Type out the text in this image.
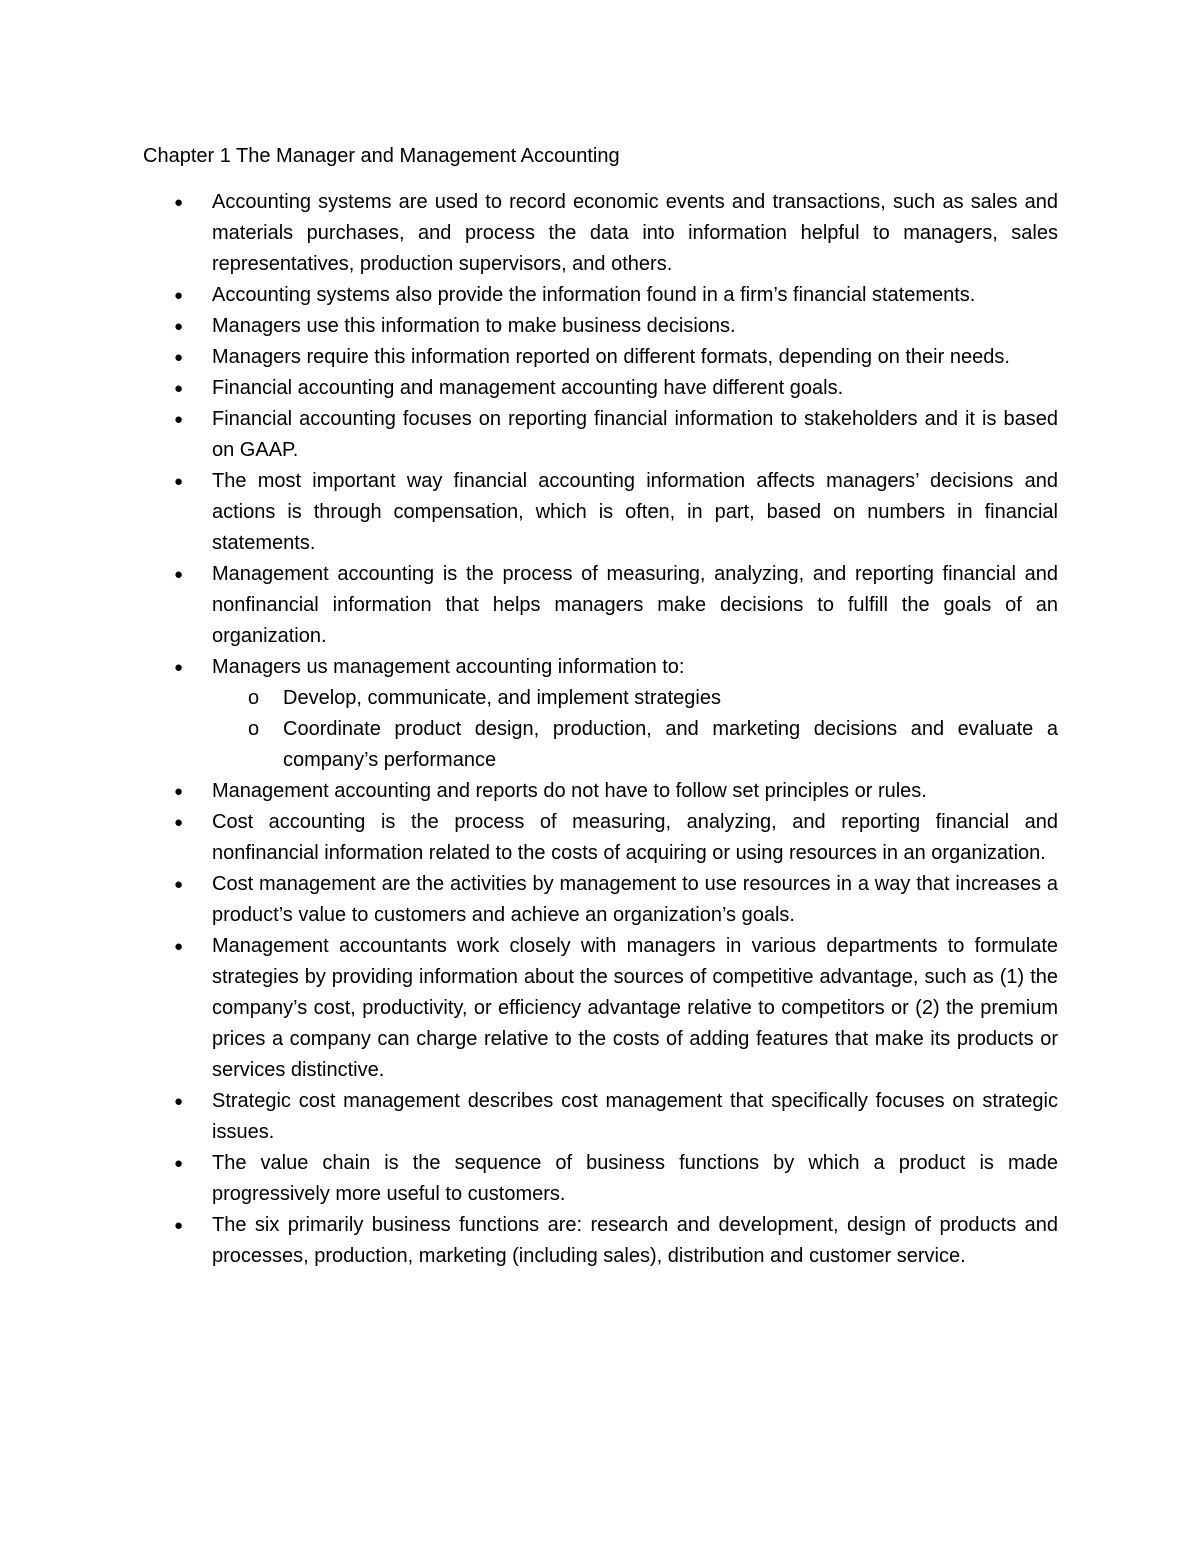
Chapter 1 The Manager and Management Accounting
●	Accounting systems are used to record economic events and transactions, such as sales and materials purchases, and process the data into information helpful to managers, sales representatives, production supervisors, and others.
●	Accounting systems also provide the information found in a firm’s financial statements.
●	Managers use this information to make business decisions.
●	Managers require this information reported on different formats, depending on their needs.
●	Financial accounting and management accounting have different goals.
●	Financial accounting focuses on reporting financial information to stakeholders and it is based on GAAP.
●	The most important way financial accounting information affects managers’ decisions and actions is through compensation, which is often, in part, based on numbers in financial statements.
●	Management accounting is the process of measuring, analyzing, and reporting financial and nonfinancial information that helps managers make decisions to fulfill the goals of an organization.
●	Managers us management accounting information to:
o	Develop, communicate, and implement strategies
o	Coordinate product design, production, and marketing decisions and evaluate a company’s performance
●	Management accounting and reports do not have to follow set principles or rules.
●	Cost accounting is the process of measuring, analyzing, and reporting financial and nonfinancial information related to the costs of acquiring or using resources in an organization.
●	Cost management are the activities by management to use resources in a way that increases a product’s value to customers and achieve an organization’s goals.
●	Management accountants work closely with managers in various departments to formulate strategies by providing information about the sources of competitive advantage, such as (1) the company’s cost, productivity, or efficiency advantage relative to competitors or (2) the premium prices a company can charge relative to the costs of adding features that make its products or services distinctive.
●	Strategic cost management describes cost management that specifically focuses on strategic issues.
●	The value chain is the sequence of business functions by which a product is made progressively more useful to customers.
●	The six primarily business functions are: research and development, design of products and processes, production, marketing (including sales), distribution and customer service.
